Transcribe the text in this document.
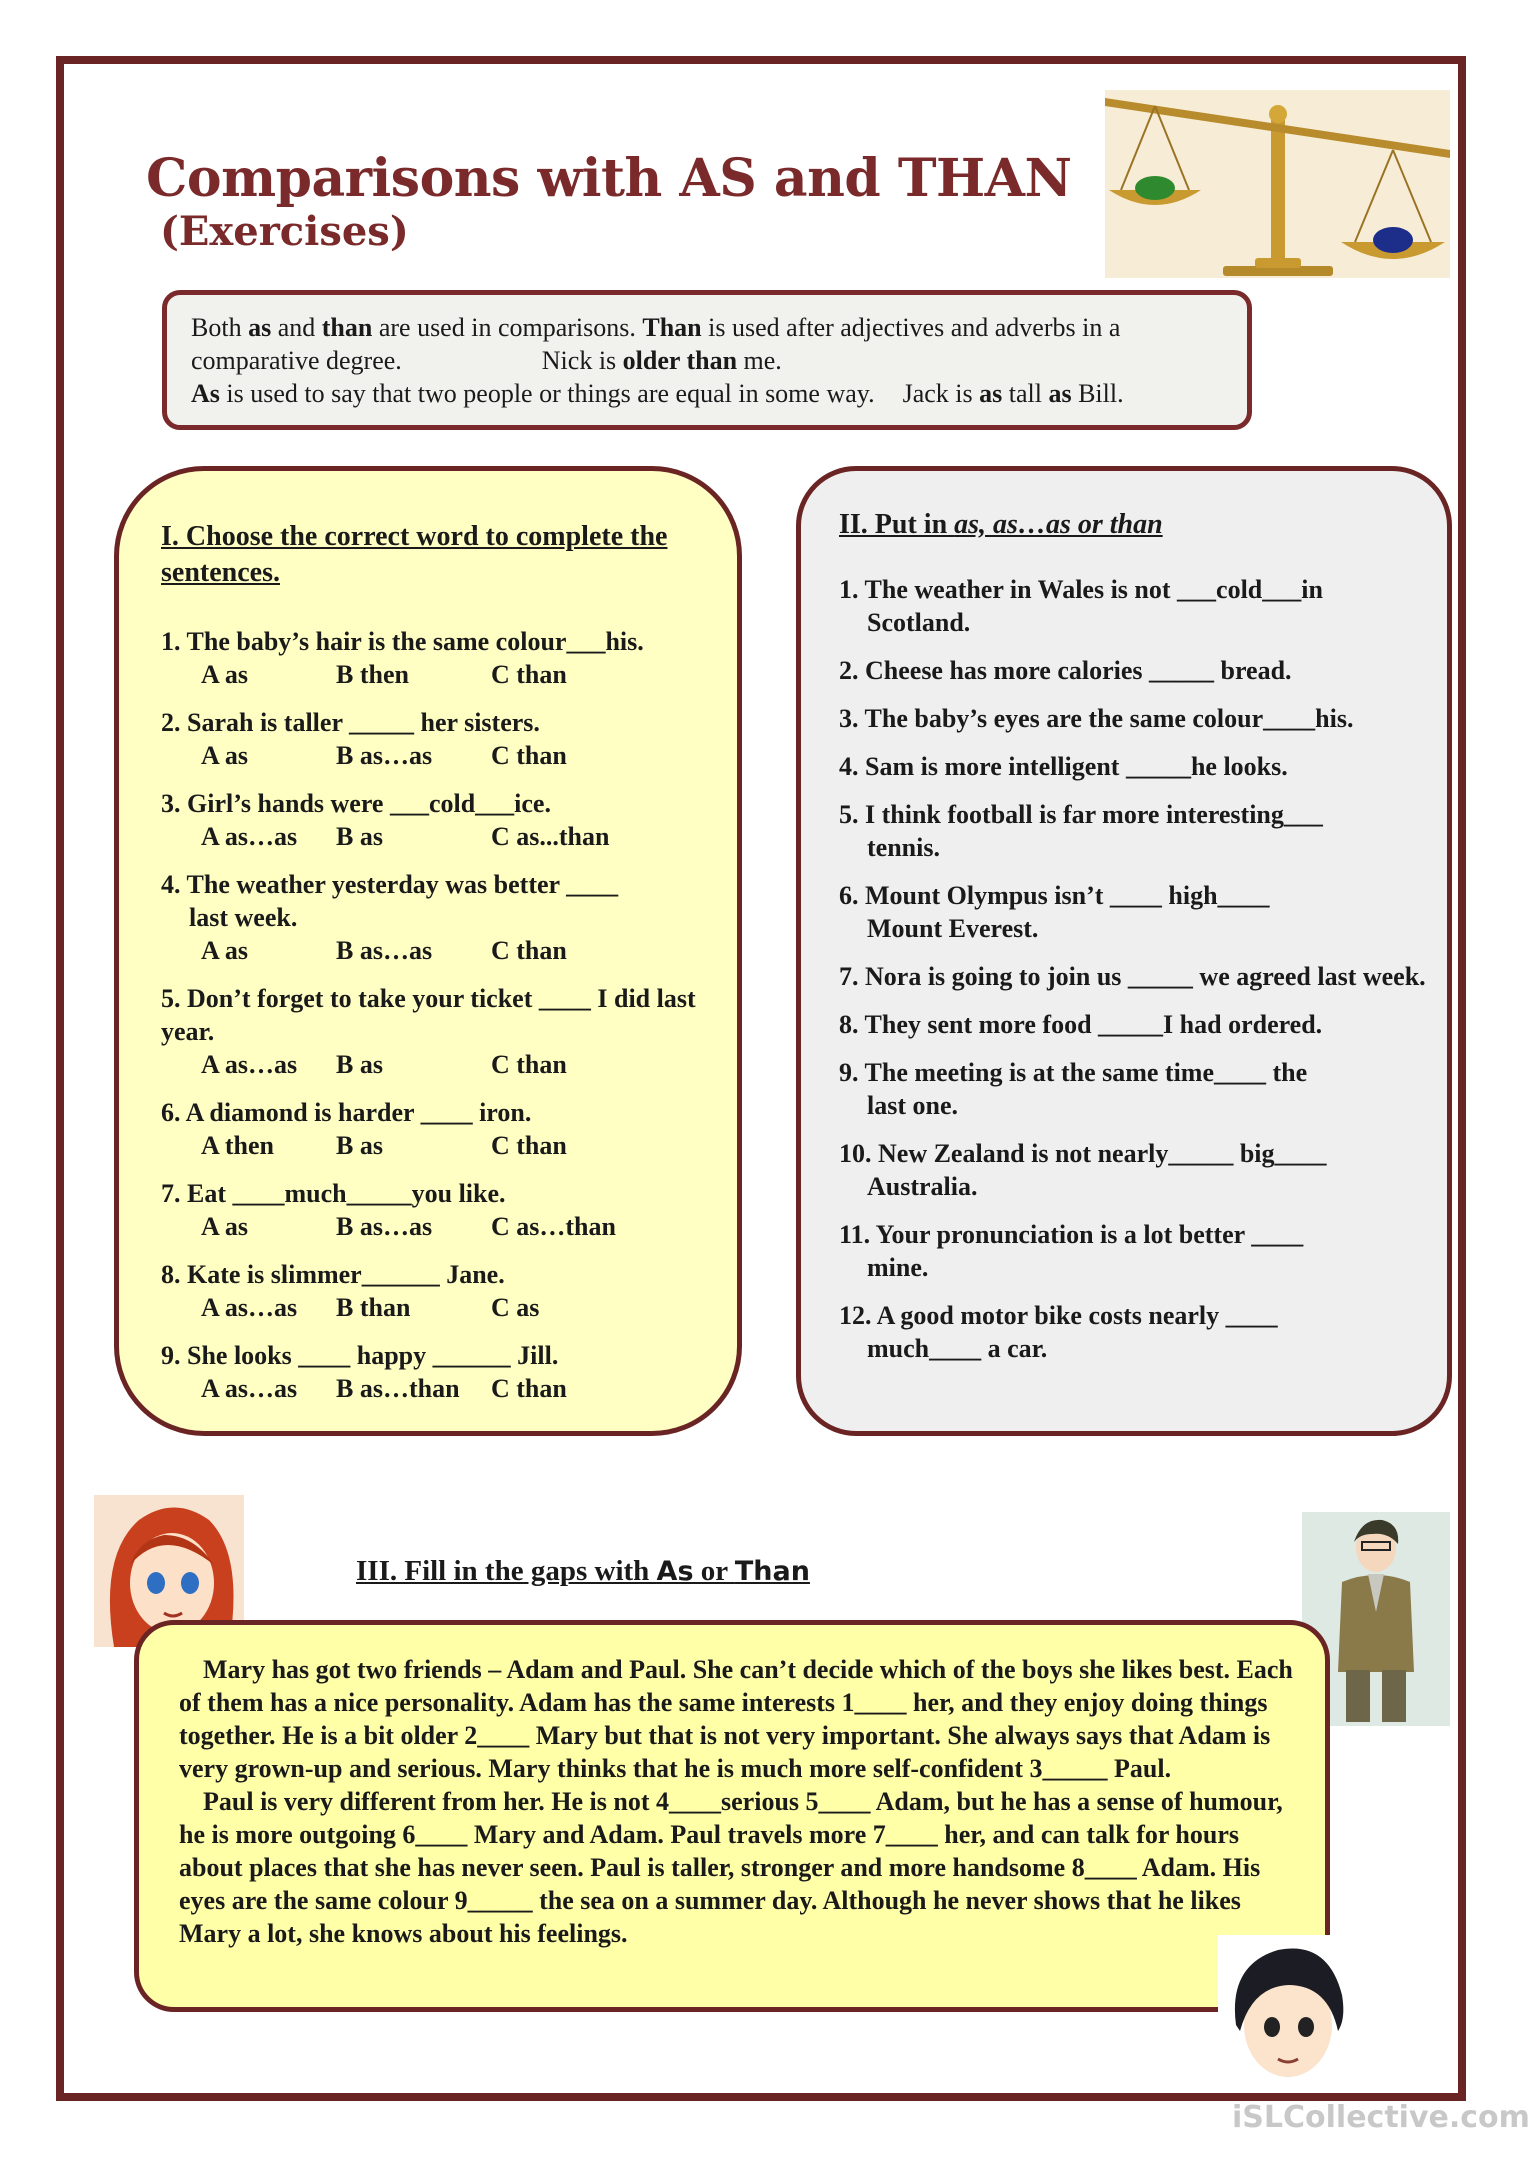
Comparisons with AS and THAN
(Exercises)

Both as and than are used in comparisons. Than is used after adjectives and adverbs in a

comparative degree.	Nick is older than me.

As is used to say that two people or things are equal in some way. Jack is as tall as Bill.

I. Choose the correct word to complete the sentences.

1. The baby’s hair is the same colour___his.
A as	B then	C than
2. Sarah is taller _____ her sisters.
A as	B as…as	C than
3. Girl’s hands were ___cold___ice.
A as…as	B as	C as...than
4. The weather yesterday was better ____
last week.
A as	B as…as	C than
5. Don’t forget to take your ticket ____ I did last year.
A as…as	B as	C than
6. A diamond is harder ____ iron.
A then	B as	C than
7. Eat ____much_____you like.
A as	B as…as	C as…than
8. Kate is slimmer______ Jane.
A as…as	B than	C as
9. She looks ____ happy ______ Jill.
A as…as	B as…than	C than

II. Put in as, as…as or than

1. The weather in Wales is not ___cold___in
Scotland.
2. Cheese has more calories _____ bread.
3. The baby’s eyes are the same colour____his.
4. Sam is more intelligent _____he looks.
5. I think football is far more interesting___
tennis.
6. Mount Olympus isn’t ____ high____
Mount Everest.
7. Nora is going to join us _____ we agreed last week.
8. They sent more food _____I had ordered.
9. The meeting is at the same time____ the
last one.
10. New Zealand is not nearly_____ big____
Australia.
11. Your pronunciation is a lot better ____
mine.
12. A good motor bike costs nearly ____
much____ a car.
III. Fill in the gaps with As or Than

Mary has got two friends – Adam and Paul. She can’t decide which of the boys she likes best. Each of them has a nice personality. Adam has the same interests 1____ her, and they enjoy doing things together. He is a bit older 2____ Mary but that is not very important. She always says that Adam is very grown-up and serious. Mary thinks that he is much more self-confident 3_____ Paul.

Paul is very different from her. He is not 4____serious 5____ Adam, but he has a sense of humour, he is more outgoing 6____ Mary and Adam. Paul travels more 7____ her, and can talk for hours about places that she has never seen. Paul is taller, stronger and more handsome 8____ Adam. His eyes are the same colour 9_____ the sea on a summer day. Although he never shows that he likes Mary a lot, she knows about his feelings.

iSLCollective.com
